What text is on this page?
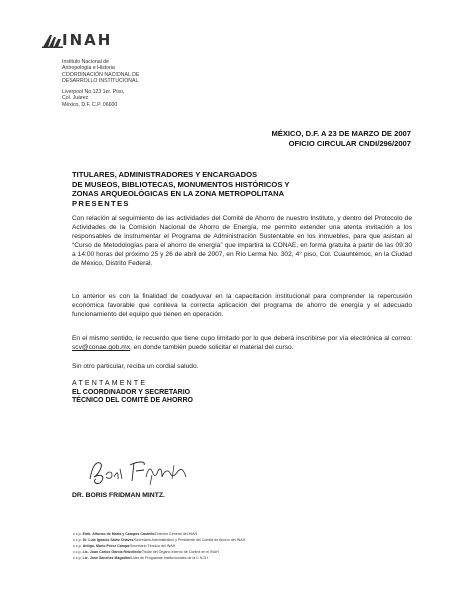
INAH
Instituto Nacional de
Antropología e Historia
COORDINACIÓN NACIONAL DE
DESARROLLO INSTITUCIONAL
Liverpool No.123 1er. Piso,
Col. Juárez
México, D.F. C.P. 06600
MÉXICO, D.F. A 23 DE MARZO DE 2007
OFICIO CIRCULAR CNDI/296/2007
TITULARES, ADMINISTRADORES Y ENCARGADOS
DE MUSEOS, BIBLIOTECAS, MONUMENTOS HISTÓRICOS Y
ZONAS ARQUEOLÓGICAS EN LA ZONA METROPOLITANA
PRESENTES
Con relación al seguimiento de las actividades del Comité de Ahorro de nuestro Instituto, y dentro del Protocolo de Actividades de la Comisión Nacional de Ahorro de Energía, me permito extender una atenta invitación a los responsables de instrumentar el Programa de Administración Sustentable en los inmuebles, para que asistan al “Curso de Metodologías para el ahorro de energía” que impartirá la CONAE, en forma gratuita a partir de las 09:30 a 14:00 horas del próximo 25 y 26 de abril de 2007, en Río Lerma No. 302, 4° piso, Col. Cuauhtémoc, en la Ciudad de México, Distrito Federal.
Lo anterior es con la finalidad de coadyuvar en la capacitación institucional para comprender la repercusión económica favorable que conlleva la correcta aplicación del programa de ahorro de energía y el adecuado funcionamiento del equipo que tienen en operación.
En el mismo sentido, le recuerdo que tiene cupo limitado por lo que deberá inscribirse por vía electrónica al correo: scv@conae.gob.mx, en donde también puede solicitar el material del curso.
Sin otro particular, reciba un cordial saludo.
ATENTAMENTE
EL COORDINADOR Y SECRETARIO
TÉCNICO DEL COMITÉ DE AHORRO
DR. BORIS FRIDMAN MINTZ.
c.c.p. Emb. Alfonso de María y Campos Castelló/Director General del INAH
c.c.p. Dr. Luis Ignacio Sáinz Chávez/Secretario Administrativo y Presidente del Comité de Ahorro del INAH
c.c.p. Antigo. Mario Pérez Campa/Secretario Técnico del INAH
c.c.p. Lic. Juan Carlos García Rebolledo/Titular del Órgano Interno de Control en el INAH
c.c.p. Lic. José Sánchez Magallán/Líder de Programas Institucionales de la C.N.D.I.
